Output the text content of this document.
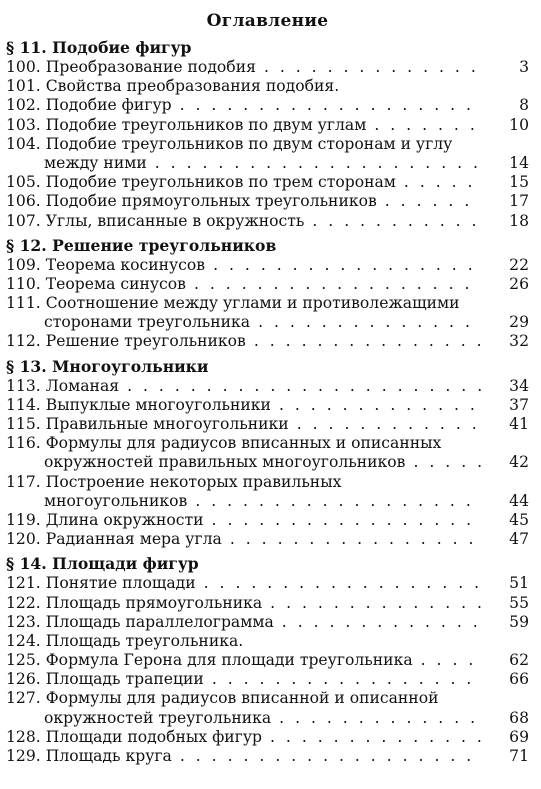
Оглавление
§ 11. Подобие фигур
100. Преобразование подобия . . .	3
101. Свойства преобразования подобия.
102. Подобие фигур . . .	8
103. Подобие треугольников по двум углам . . .	10
104. Подобие треугольников по двум сторонам и углу
между ними . . .	14
105. Подобие треугольников по трем сторонам . . .	15
106. Подобие прямоугольных треугольников . . .	17
107. Углы, вписанные в окружность . . .	18
§ 12. Решение треугольников
109. Теорема косинусов . . .	22
110. Теорема синусов . . .	26
111. Соотношение между углами и противолежащими
сторонами треугольника . . .	29
112. Решение треугольников . . .	32
§ 13. Многоугольники
113. Ломаная . . .	34
114. Выпуклые многоугольники . . .	37
115. Правильные многоугольники . . .	41
116. Формулы для радиусов вписанных и описанных
окружностей правильных многоугольников . . .	42
117. Построение некоторых правильных
многоугольников . . .	44
119. Длина окружности . . .	45
120. Радианная мера угла . . .	47
§ 14. Площади фигур
121. Понятие площади . . .	51
122. Площадь прямоугольника . . .	55
123. Площадь параллелограмма . . .	59
124. Площадь треугольника.
125. Формула Герона для площади треугольника . . .	62
126. Площадь трапеции . . .	66
127. Формулы для радиусов вписанной и описанной
окружностей треугольника . . .	68
128. Площади подобных фигур . . .	69
129. Площадь круга . . .	71
